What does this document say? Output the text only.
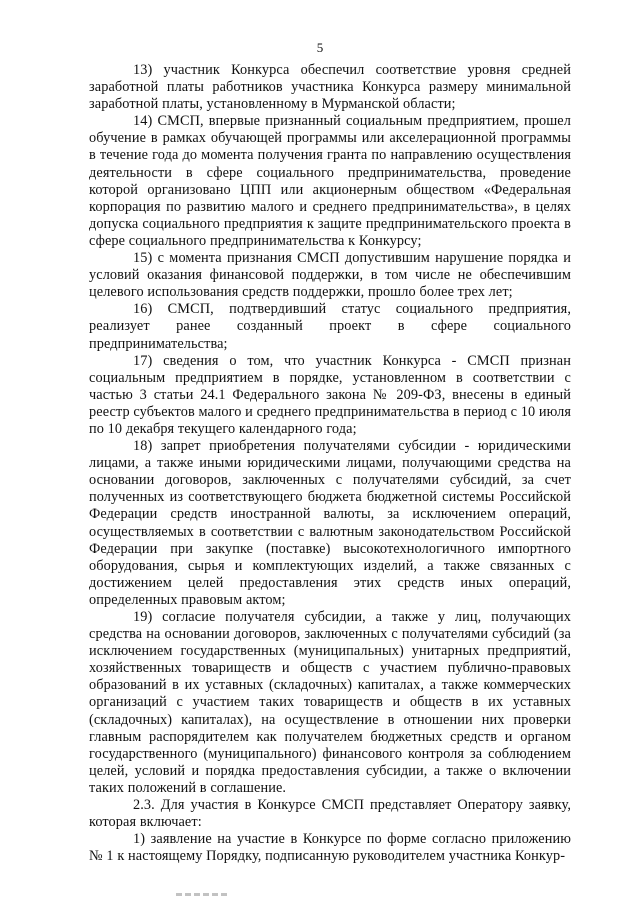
5

13) участник Конкурса обеспечил соответствие уровня средней заработной платы работников участника Конкурса размеру минимальной заработной платы, установленному в Мурманской области;

14) СМСП, впервые признанный социальным предприятием, прошел обучение в рамках обучающей программы или акселерационной программы в течение года до момента получения гранта по направлению осуществления деятельности в сфере социального предпринимательства, проведение которой организовано ЦПП или акционерным обществом «Федеральная корпорация по развитию малого и среднего предпринимательства», в целях допуска социального предприятия к защите предпринимательского проекта в сфере социального предпринимательства к Конкурсу;

15) с момента признания СМСП допустившим нарушение порядка и условий оказания финансовой поддержки, в том числе не обеспечившим целевого использования средств поддержки, прошло более трех лет;

16) СМСП, подтвердивший статус социального предприятия, реализует ранее созданный проект в сфере социального предпринимательства;

17) сведения о том, что участник Конкурса - СМСП признан социальным предприятием в порядке, установленном в соответствии с частью 3 статьи 24.1 Федерального закона № 209-ФЗ, внесены в единый реестр субъектов малого и среднего предпринимательства в период с 10 июля по 10 декабря текущего календарного года;

18) запрет приобретения получателями субсидии - юридическими лицами, а также иными юридическими лицами, получающими средства на основании договоров, заключенных с получателями субсидий, за счет полученных из соответствующего бюджета бюджетной системы Российской Федерации средств иностранной валюты, за исключением операций, осуществляемых в соответствии с валютным законодательством Российской Федерации при закупке (поставке) высокотехнологичного импортного оборудования, сырья и комплектующих изделий, а также связанных с достижением целей предоставления этих средств иных операций, определенных правовым актом;

19) согласие получателя субсидии, а также у лиц, получающих средства на основании договоров, заключенных с получателями субсидий (за исключением государственных (муниципальных) унитарных предприятий, хозяйственных товариществ и обществ с участием публично-правовых образований в их уставных (складочных) капиталах, а также коммерческих организаций с участием таких товариществ и обществ в их уставных (складочных) капиталах), на осуществление в отношении них проверки главным распорядителем как получателем бюджетных средств и органом государственного (муниципального) финансового контроля за соблюдением целей, условий и порядка предоставления субсидии, а также о включении таких положений в соглашение.

2.3. Для участия в Конкурсе СМСП представляет Оператору заявку, которая включает:

1) заявление на участие в Конкурсе по форме согласно приложению № 1 к настоящему Порядку, подписанную руководителем участника Конкур-
